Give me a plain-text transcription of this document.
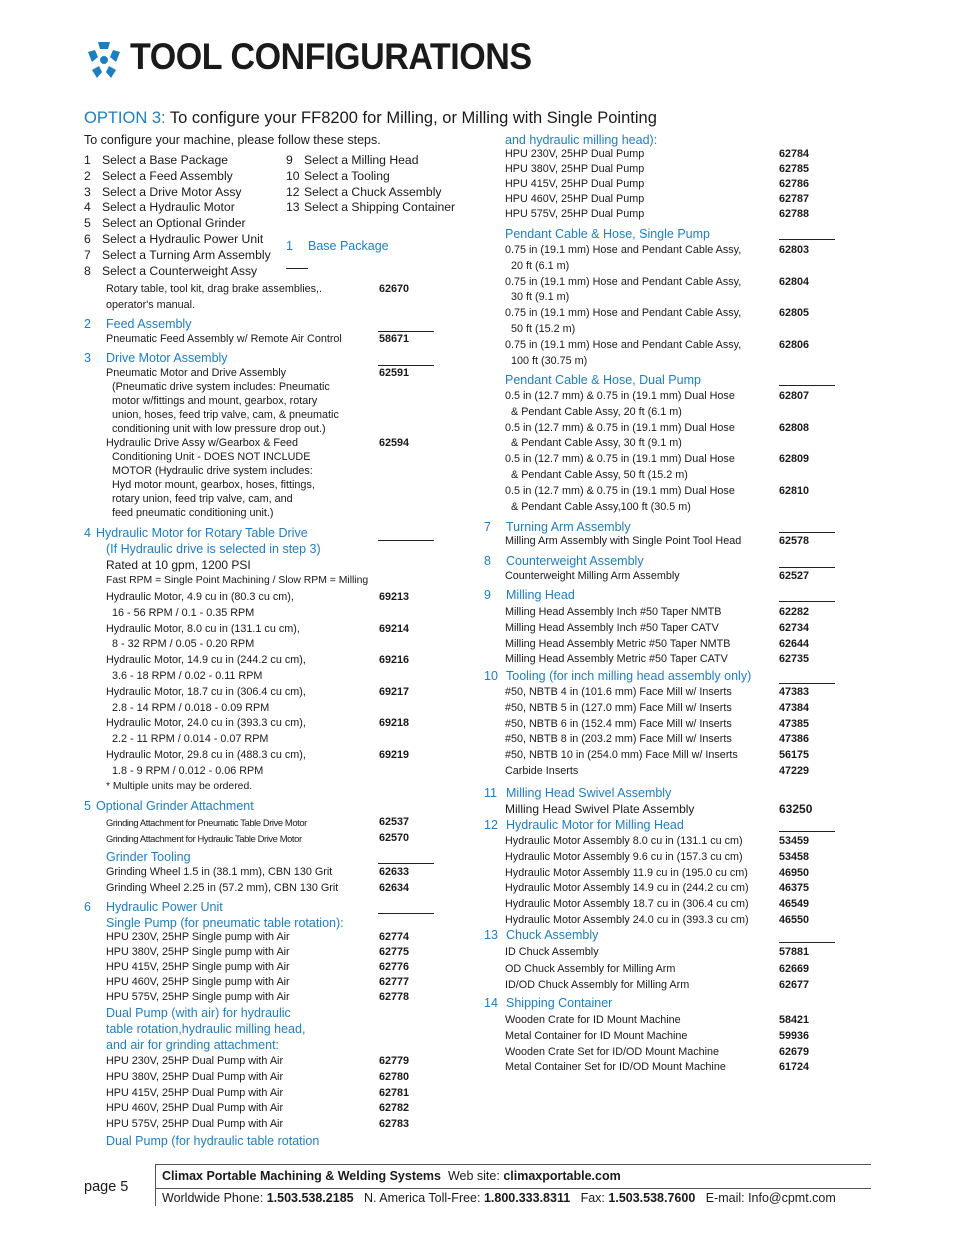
TOOL CONFIGURATIONS
OPTION 3: To configure your FF8200 for Milling, or Milling with Single Pointing
To configure your machine, please follow these steps.
1 Select a Base Package
2 Select a Feed Assembly
3 Select a Drive Motor Assy
4 Select a Hydraulic Motor
5 Select an Optional Grinder
6 Select a Hydraulic Power Unit
7 Select a Turning Arm Assembly
8 Select a Counterweight Assy
9 Select a Milling Head
10 Select a Tooling
12 Select a Chuck Assembly
13 Select a Shipping Container
1 Base Package
Rotary table, tool kit, drag brake assemblies,.	62670
operator's manual.
2 Feed Assembly
Pneumatic Feed Assembly w/ Remote Air Control	58671
3 Drive Motor Assembly
Pneumatic Motor and Drive Assembly	62591
(Pneumatic drive system includes: Pneumatic
motor w/fittings and mount, gearbox, rotary
union, hoses, feed trip valve, cam, & pneumatic
conditioning unit with low pressure drop out.)
Hydraulic Drive Assy w/Gearbox & Feed	62594
Conditioning Unit - DOES NOT INCLUDE
MOTOR (Hydraulic drive system includes:
Hyd motor mount, gearbox, hoses, fittings,
rotary union, feed trip valve, cam, and
feed pneumatic conditioning unit.)
4 Hydraulic Motor for Rotary Table Drive
(If Hydraulic drive is selected in step 3)
Rated at 10 gpm, 1200 PSI
Fast RPM = Single Point Machining / Slow RPM = Milling
Hydraulic Motor, 4.9 cu in (80.3 cu cm),	69213
16 - 56 RPM / 0.1 - 0.35 RPM
Hydraulic Motor, 8.0 cu in (131.1 cu cm),	69214
8 - 32 RPM / 0.05 - 0.20 RPM
Hydraulic Motor, 14.9 cu in (244.2 cu cm),	69216
3.6 - 18 RPM / 0.02 - 0.11 RPM
Hydraulic Motor, 18.7 cu in (306.4 cu cm),	69217
2.8 - 14 RPM / 0.018 - 0.09 RPM
Hydraulic Motor, 24.0 cu in (393.3 cu cm),	69218
2.2 - 11 RPM / 0.014 - 0.07 RPM
Hydraulic Motor, 29.8 cu in (488.3 cu cm),	69219
1.8 - 9 RPM / 0.012 - 0.06 RPM
* Multiple units may be ordered.
5 Optional Grinder Attachment
Grinding Attachment for Pneumatic Table Drive Motor	62537
Grinding Attachment for Hydraulic Table Drive Motor	62570
Grinder Tooling
Grinding Wheel 1.5 in (38.1 mm), CBN 130 Grit	62633
Grinding Wheel 2.25 in (57.2 mm), CBN 130 Grit	62634
6 Hydraulic Power Unit
Single Pump (for pneumatic table rotation):
HPU 230V, 25HP Single pump with Air	62774
HPU 380V, 25HP Single pump with Air	62775
HPU 415V, 25HP Single pump with Air	62776
HPU 460V, 25HP Single pump with Air	62777
HPU 575V, 25HP Single pump with Air	62778
Dual Pump (with air) for hydraulic
table rotation,hydraulic milling head,
and air for grinding attachment:
HPU 230V, 25HP Dual Pump with Air	62779
HPU 380V, 25HP Dual Pump with Air	62780
HPU 415V, 25HP Dual Pump with Air	62781
HPU 460V, 25HP Dual Pump with Air	62782
HPU 575V, 25HP Dual Pump with Air	62783
Dual Pump (for hydraulic table rotation
and hydraulic milling head):
HPU 230V, 25HP Dual Pump	62784
HPU 380V, 25HP Dual Pump	62785
HPU 415V, 25HP Dual Pump	62786
HPU 460V, 25HP Dual Pump	62787
HPU 575V, 25HP Dual Pump	62788
Pendant Cable & Hose, Single Pump
0.75 in (19.1 mm) Hose and Pendant Cable Assy,	62803
20 ft (6.1 m)
0.75 in (19.1 mm) Hose and Pendant Cable Assy,	62804
30 ft (9.1 m)
0.75 in (19.1 mm) Hose and Pendant Cable Assy,	62805
50 ft (15.2 m)
0.75 in (19.1 mm) Hose and Pendant Cable Assy,	62806
100 ft (30.75 m)
Pendant Cable & Hose, Dual Pump
0.5 in (12.7 mm) & 0.75 in (19.1 mm) Dual Hose	62807
& Pendant Cable Assy, 20 ft (6.1 m)
0.5 in (12.7 mm) & 0.75 in (19.1 mm) Dual Hose	62808
& Pendant Cable Assy, 30 ft (9.1 m)
0.5 in (12.7 mm) & 0.75 in (19.1 mm) Dual Hose	62809
& Pendant Cable Assy, 50 ft (15.2 m)
0.5 in (12.7 mm) & 0.75 in (19.1 mm) Dual Hose	62810
& Pendant Cable Assy,100 ft (30.5 m)
7 Turning Arm Assembly
Milling Arm Assembly with Single Point Tool Head	62578
8 Counterweight Assembly
Counterweight Milling Arm Assembly	62527
9 Milling Head
Milling Head Assembly Inch #50 Taper NMTB	62282
Milling Head Assembly Inch #50 Taper CATV	62734
Milling Head Assembly Metric #50 Taper NMTB	62644
Milling Head Assembly Metric #50 Taper CATV	62735
10 Tooling (for inch milling head assembly only)
#50, NBTB 4 in (101.6 mm) Face Mill w/ Inserts	47383
#50, NBTB 5 in (127.0 mm) Face Mill w/ Inserts	47384
#50, NBTB 6 in (152.4 mm) Face Mill w/ Inserts	47385
#50, NBTB 8 in (203.2 mm) Face Mill w/ Inserts	47386
#50, NBTB 10 in (254.0 mm) Face Mill w/ Inserts	56175
Carbide Inserts	47229
11 Milling Head Swivel Assembly
Milling Head Swivel Plate Assembly	63250
12 Hydraulic Motor for Milling Head
Hydraulic Motor Assembly 8.0 cu in (131.1 cu cm)	53459
Hydraulic Motor Assembly 9.6 cu in (157.3 cu cm)	53458
Hydraulic Motor Assembly 11.9 cu in (195.0 cu cm)	46950
Hydraulic Motor Assembly 14.9 cu in (244.2 cu cm)	46375
Hydraulic Motor Assembly 18.7 cu in (306.4 cu cm)	46549
Hydraulic Motor Assembly 24.0 cu in (393.3 cu cm)	46550
13 Chuck Assembly
ID Chuck Assembly	57881
OD Chuck Assembly for Milling Arm	62669
ID/OD Chuck Assembly for Milling Arm	62677
14 Shipping Container
Wooden Crate for ID Mount Machine	58421
Metal Container for ID Mount Machine	59936
Wooden Crate Set for ID/OD Mount Machine	62679
Metal Container Set for ID/OD Mount Machine	61724
page 5
Climax Portable Machining & Welding Systems Web site: climaxportable.com
Worldwide Phone: 1.503.538.2185 N. America Toll-Free: 1.800.333.8311 Fax: 1.503.538.7600 E-mail: Info@cpmt.com
